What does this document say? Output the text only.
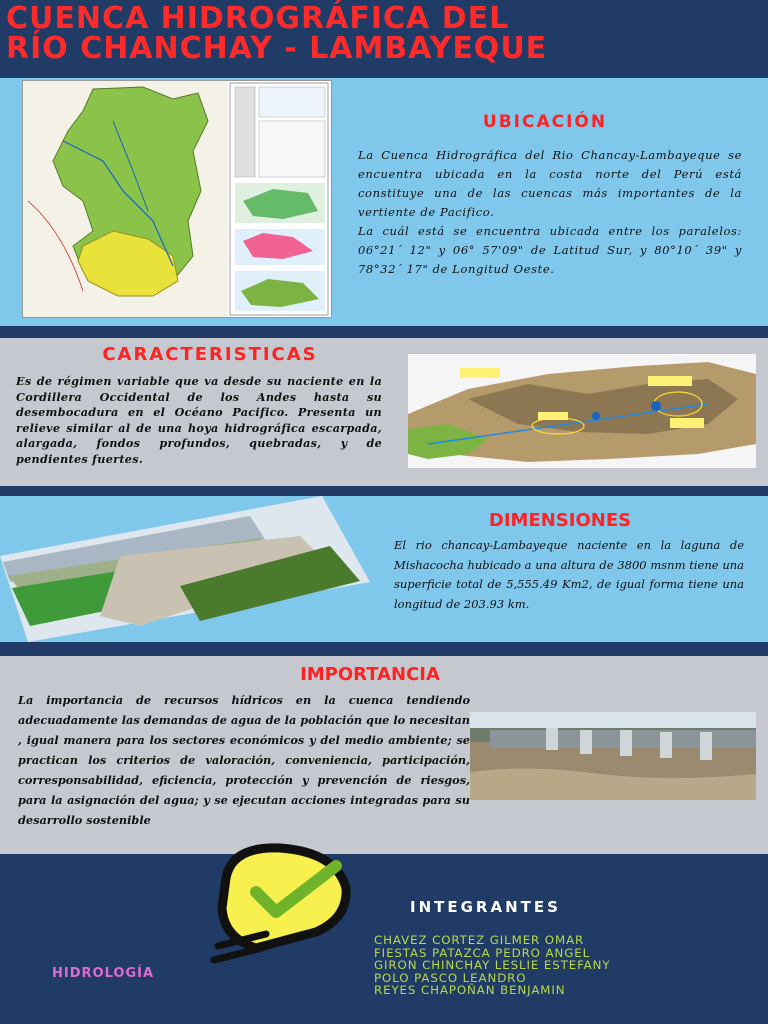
CUENCA HIDROGRÁFICA DEL
RÍO CHANCHAY - LAMBAYEQUE
UBICACIÓN
La Cuenca Hidrográfica del Rio Chancay-Lambayeque se encuentra ubicada en la costa norte del Perú está constituye una de las cuencas más importantes de la vertiente de Pacifico.
La cuál está se encuentra ubicada entre los paralelos: 06°21´ 12" y 06° 57'09" de Latitud Sur, y 80°10´ 39" y 78°32´ 17" de Longitud Oeste.
CARACTERISTICAS
Es de régimen variable que va desde su naciente en la Cordillera Occidental de los Andes hasta su desembocadura en el Océano Pacifico. Presenta un relieve similar al de una hoya hidrográfica escarpada, alargada, fondos profundos, quebradas, y de pendientes fuertes.
DIMENSIONES
El rio chancay-Lambayeque naciente en la laguna de Mishacocha hubicado a una altura de 3800 msnm tiene una superficie total de 5,555.49 Km2, de igual forma tiene una longitud de 203.93 km.
IMPORTANCIA
La importancia de recursos hídricos en la cuenca tendiendo adecuadamente las demandas de agua de la población que lo necesitan , igual manera para los sectores económicos y del medio ambiente; se practican los criterios de valoración, conveniencia, participación, corresponsabilidad, eficiencia, protección y prevención de riesgos, para la asignación del agua; y se ejecutan acciones integradas para su desarrollo sostenible
INTEGRANTES
CHAVEZ CORTEZ GILMER OMAR
FIESTAS PATAZCA PEDRO ANGEL
GIRON CHINCHAY LESLIE ESTEFANY
POLO PASCO LEANDRO
REYES CHAPOÑAN BENJAMIN
HIDROLOGÍA
